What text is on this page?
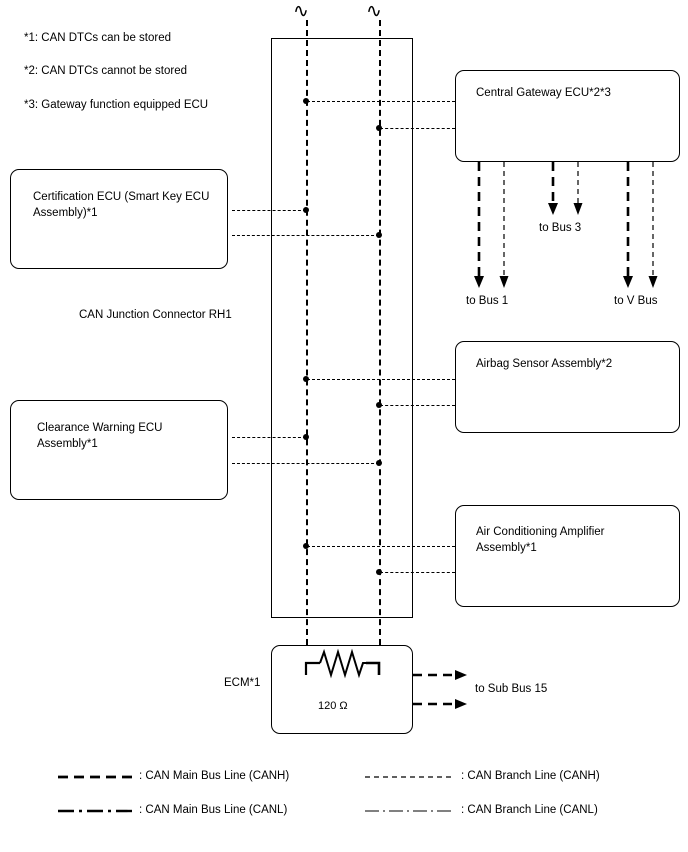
*1: CAN DTCs can be stored
*2: CAN DTCs cannot be stored
*3: Gateway function equipped ECU
∿	∿
Central Gateway ECU*2*3
Certification ECU (Smart Key ECU Assembly)*1
CAN Junction Connector RH1
Airbag Sensor Assembly*2
Clearance Warning ECU Assembly*1
Air Conditioning Amplifier Assembly*1
ECM*1
120 Ω
to Bus 1
to Bus 3
to V Bus
to Sub Bus 15
: CAN Main Bus Line (CANH)	: CAN Branch Line (CANH)
: CAN Main Bus Line (CANL)	: CAN Branch Line (CANL)
